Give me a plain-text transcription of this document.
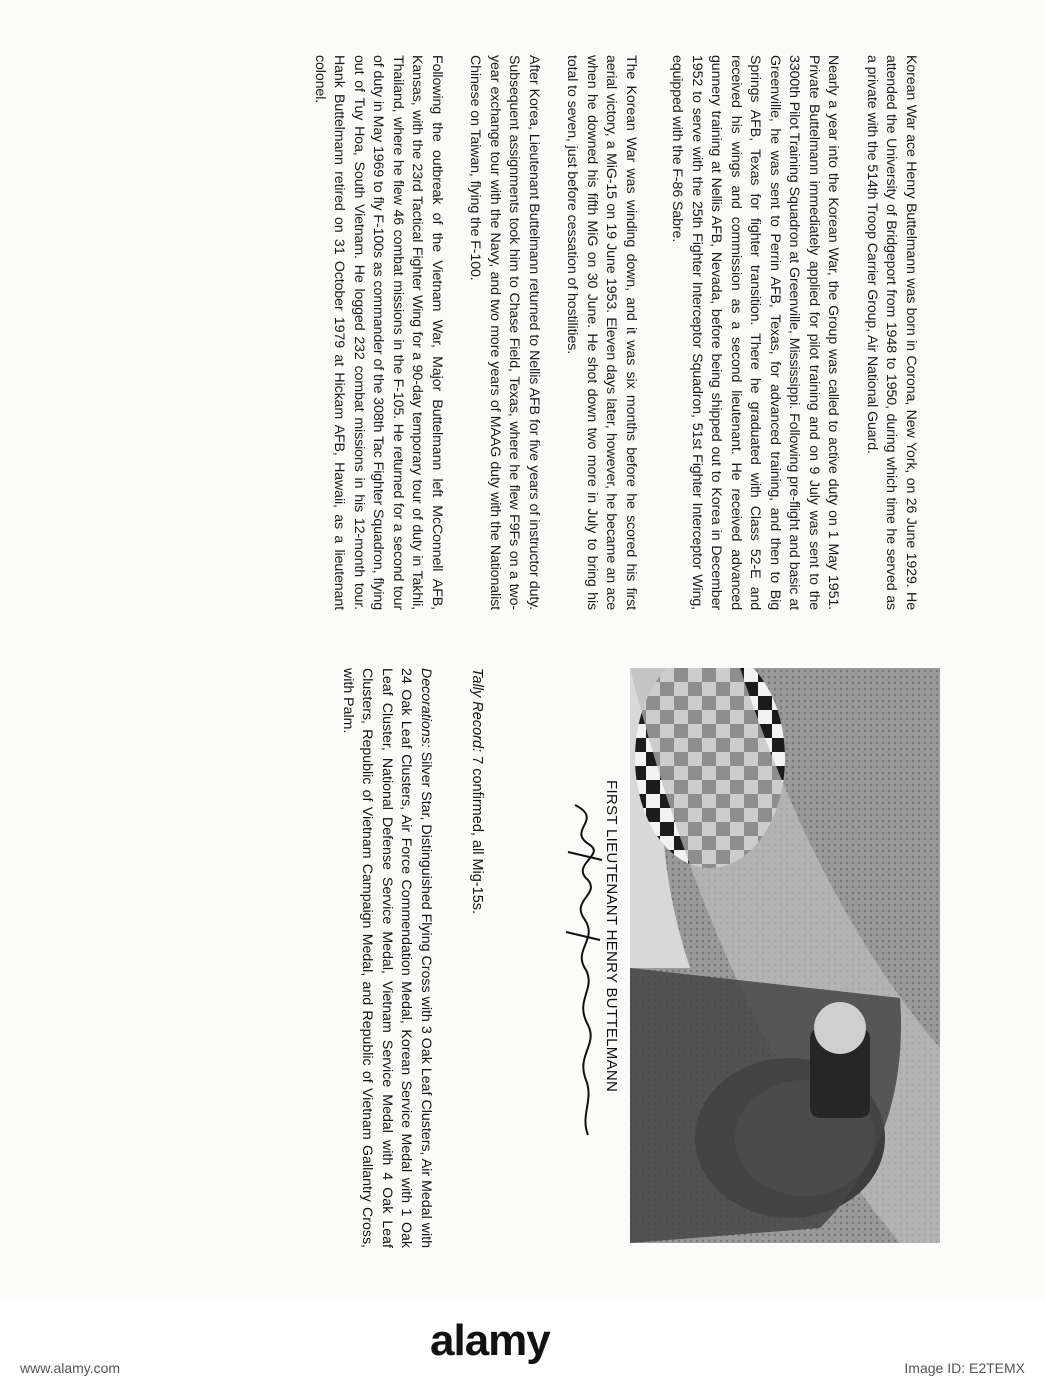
Korean War ace Henry Buttelmann was born in Corona, New York, on 26 June 1929. He attended the University of Bridgeport from 1948 to 1950, during which time he served as a private with the 514th Troop Carrier Group, Air National Guard.

Nearly a year into the Korean War, the Group was called to active duty on 1 May 1951. Private Buttelmann immediately applied for pilot training and on 9 July was sent to the 3300th Pilot Training Squadron at Greenville, Mississippi. Following pre-flight and basic at Greenville, he was sent to Perrin AFB, Texas, for advanced training, and then to Big Springs AFB, Texas for fighter transition. There he graduated with Class 52-E and received his wings and commission as a second lieutenant. He received advanced gunnery training at Nellis AFB, Nevada, before being shipped out to Korea in December 1952 to serve with the 25th Fighter Interceptor Squadron, 51st Fighter Interceptor Wing, equipped with the F-86 Sabre.

The Korean War was winding down, and it was six months before he scored his first aerial victory, a MiG-15 on 19 June 1953. Eleven days later, however, he became an ace when he downed his fifth MiG on 30 June. He shot down two more in July to bring his total to seven, just before cessation of hostilities.

After Korea, Lieutenant Buttelmann returned to Nellis AFB for five years of instructor duty. Subsequent assignments took him to Chase Field, Texas, where he flew F9Fs on a two-year exchange tour with the Navy, and two more years of MAAG duty with the Nationalist Chinese on Taiwan, flying the F-100.

Following the outbreak of the Vietnam War, Major Buttelmann left McConnell AFB, Kansas, with the 23rd Tactical Fighter Wing for a 90-day temporary tour of duty in Takhli, Thailand, where he flew 46 combat missions in the F-105. He returned for a second tour of duty in May 1969 to fly F-100s as commander of the 308th Tac Fighter Squadron, flying out of Tuy Hoa, South Vietnam. He logged 232 combat missions in his 12-month tour. Hank Buttelmann retired on 31 October 1979 at Hickam AFB, Hawaii, as a lieutenant colonel.

FIRST LIEUTENANT HENRY BUTTELMANN
Tally Record: 7 confirmed, all Mig-15s.
Decorations: Silver Star, Distinguished Flying Cross with 3 Oak Leaf Clusters, Air Medal with 24 Oak Leaf Clusters, Air Force Commendation Medal, Korean Service Medal with 1 Oak Leaf Cluster, National Defense Service Medal, Vietnam Service Medal with 4 Oak Leaf Clusters, Republic of Vietnam Campaign Medal, and Republic of Vietnam Gallantry Cross, with Palm.
alamy
www.alamy.com	Image ID: E2TEMX
